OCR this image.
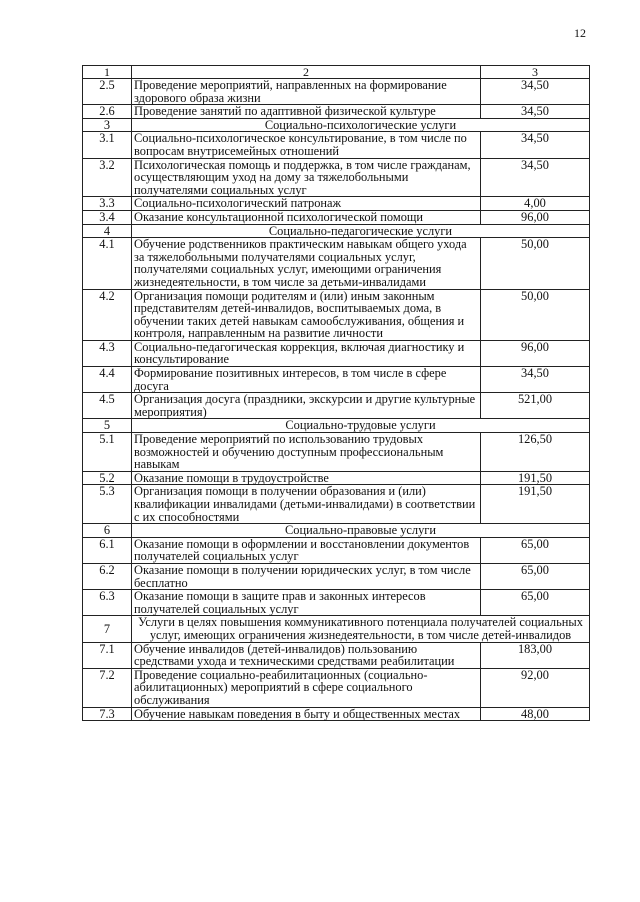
12
1	2	3
2.5	Проведение мероприятий, направленных на формирование здорового образа жизни	34,50
2.6	Проведение занятий по адаптивной физической культуре	34,50
3	Социально-психологические услуги	
3.1	Социально-психологическое консультирование, в том числе по вопросам внутрисемейных отношений	34,50
3.2	Психологическая помощь и поддержка, в том числе гражданам, осуществляющим уход на дому за тяжелобольными получателями социальных услуг	34,50
3.3	Социально-психологический патронаж	4,00
3.4	Оказание консультационной психологической помощи	96,00
4	Социально-педагогические услуги	
4.1	Обучение родственников практическим навыкам общего ухода за тяжелобольными получателями социальных услуг, получателями социальных услуг, имеющими ограничения жизнедеятельности, в том числе за детьми-инвалидами	50,00
4.2	Организация помощи родителям и (или) иным законным представителям детей-инвалидов, воспитываемых дома, в обучении таких детей навыкам самообслуживания, общения и контроля, направленным на развитие личности	50,00
4.3	Социально-педагогическая коррекция, включая диагностику и консультирование	96,00
4.4	Формирование позитивных интересов, в том числе в сфере досуга	34,50
4.5	Организация досуга (праздники, экскурсии и другие культурные мероприятия)	521,00
5	Социально-трудовые услуги	
5.1	Проведение мероприятий по использованию трудовых возможностей и обучению доступным профессиональным навыкам	126,50
5.2	Оказание помощи в трудоустройстве	191,50
5.3	Организация помощи в получении образования и (или) квалификации инвалидами (детьми-инвалидами) в соответствии с их способностями	191,50
6	Социально-правовые услуги	
6.1	Оказание помощи в оформлении и восстановлении документов получателей социальных услуг	65,00
6.2	Оказание помощи в получении юридических услуг, в том числе бесплатно	65,00
6.3	Оказание помощи в защите прав и законных интересов получателей социальных услуг	65,00
7	Услуги в целях повышения коммуникативного потенциала получателей социальных услуг, имеющих ограничения жизнедеятельности, в том числе детей-инвалидов	
7.1	Обучение инвалидов (детей-инвалидов) пользованию средствами ухода и техническими средствами реабилитации	183,00
7.2	Проведение социально-реабилитационных (социально-абилитационных) мероприятий в сфере социального обслуживания	92,00
7.3	Обучение навыкам поведения в быту и общественных местах	48,00
